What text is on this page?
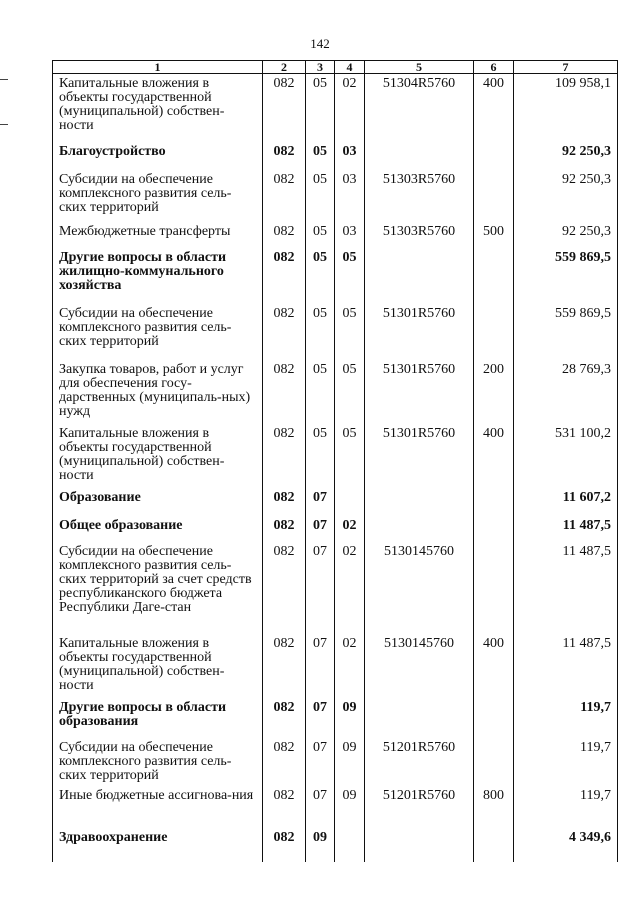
142
1	2	3	4	5	6	7
Капитальные вложения в объекты государственной (муниципальной) собствен-ности	082	05	02	51304R5760	400	109 958,1
Благоустройство	082	05	03			92 250,3
Субсидии на обеспечение комплексного развития сель-ских территорий	082	05	03	51303R5760		92 250,3
Межбюджетные трансферты	082	05	03	51303R5760	500	92 250,3
Другие вопросы в области жилищно-коммунального хозяйства	082	05	05			559 869,5
Субсидии на обеспечение комплексного развития сель-ских территорий	082	05	05	51301R5760		559 869,5
Закупка товаров, работ и услуг для обеспечения госу-дарственных (муниципаль-ных) нужд	082	05	05	51301R5760	200	28 769,3
Капитальные вложения в объекты государственной (муниципальной) собствен-ности	082	05	05	51301R5760	400	531 100,2
Образование	082	07				11 607,2
Общее образование	082	07	02			11 487,5
Субсидии на обеспечение комплексного развития сель-ских территорий за счет средств республиканского бюджета Республики Даге-стан	082	07	02	5130145760		11 487,5
Капитальные вложения в объекты государственной (муниципальной) собствен-ности	082	07	02	5130145760	400	11 487,5
Другие вопросы в области образования	082	07	09			119,7
Субсидии на обеспечение комплексного развития сель-ских территорий	082	07	09	51201R5760		119,7
Иные бюджетные ассигнова-ния	082	07	09	51201R5760	800	119,7
Здравоохранение	082	09				4 349,6
